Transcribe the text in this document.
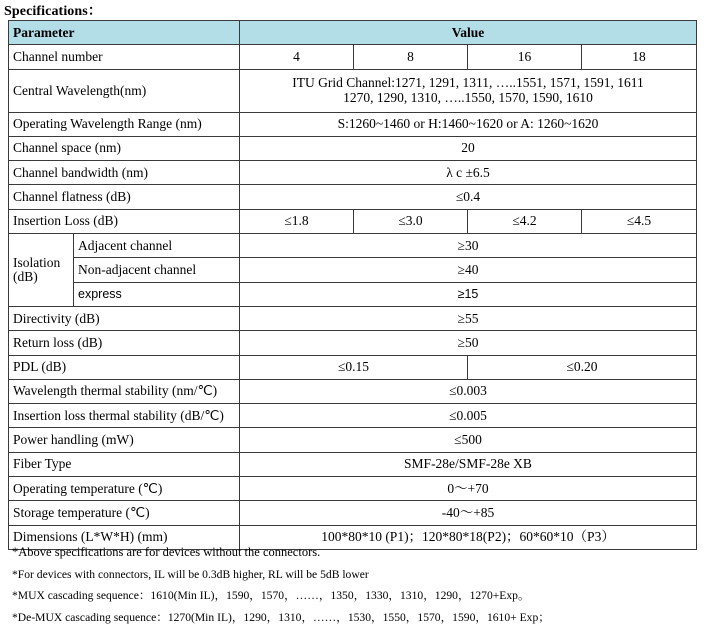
Specifications：
Parameter		Value			
Channel number		4	8	16	18
Central Wavelength(nm)		ITU Grid Channel:1271, 1291, 1311, …..1551, 1571, 1591, 1611
1270, 1290, 1310, …..1550, 1570, 1590, 1610			

Operating Wavelength Range (nm)		S:1260~1460 or H:1460~1620 or A: 1260~1620			
Channel space (nm)		20			
Channel bandwidth (nm)		λ c ±6.5			
Channel flatness (dB)		≤0.4			
Insertion Loss (dB)		≤1.8	≤3.0	≤4.2	≤4.5
Isolation (dB)	Adjacent channel	≥30			
	Non-adjacent channel	≥40			
	express	≥15			
Directivity (dB)		≥55			
Return loss (dB)		≥50			
PDL (dB)		≤0.15		≤0.20	
Wavelength thermal stability (nm/℃)		≤0.003			
Insertion loss thermal stability (dB/℃)		≤0.005			
Power handling (mW)		≤500			
Fiber Type		SMF-28e/SMF-28e XB			
Operating temperature (℃)		0～+70			
Storage temperature (℃)		-40～+85			
Dimensions (L*W*H) (mm)		100*80*10 (P1)；120*80*18(P2)；60*60*10（P3）			
*Above specifications are for devices without the connectors.
*For devices with connectors, IL will be 0.3dB higher, RL will be 5dB lower
*MUX cascading sequence：1610(Min IL)，1590，1570，……，1350，1330，1310，1290，1270+Exp。
*De-MUX cascading sequence：1270(Min IL)，1290，1310，……，1530，1550，1570，1590，1610+ Exp；
